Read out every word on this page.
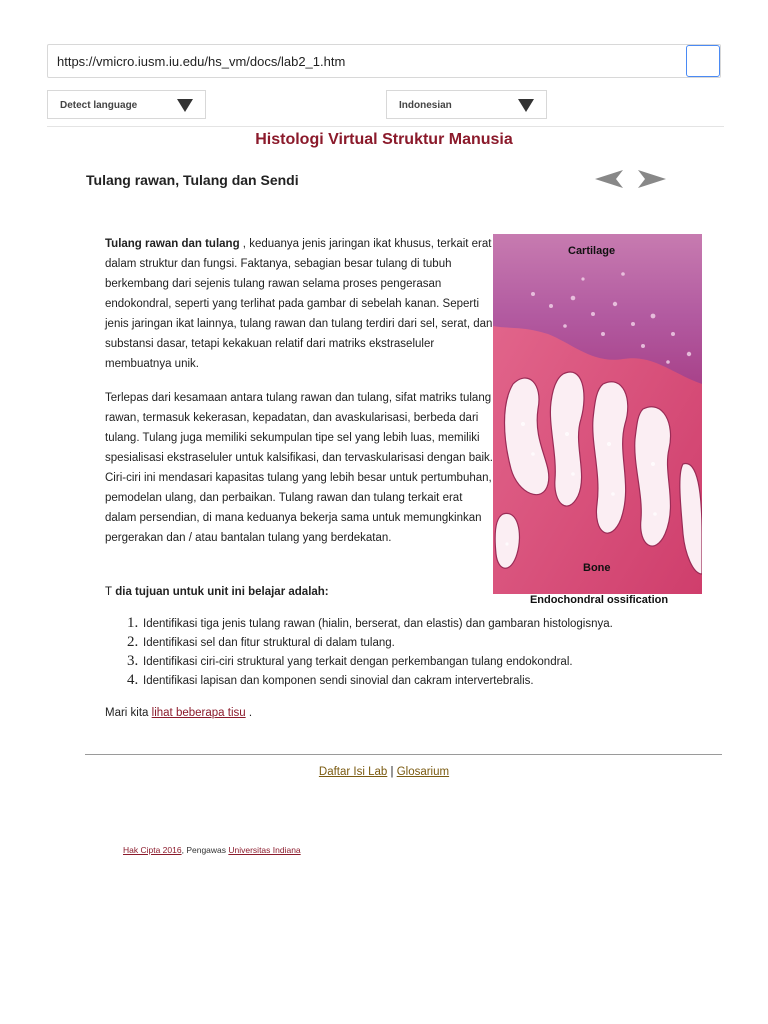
https://vmicro.iusm.iu.edu/hs_vm/docs/lab2_1.htm
Detect language	Indonesian
Histologi Virtual Struktur Manusia
Tulang rawan, Tulang dan Sendi

Tulang rawan dan tulang , keduanya jenis jaringan ikat khusus, terkait erat dalam struktur dan fungsi. Faktanya, sebagian besar tulang di tubuh berkembang dari sejenis tulang rawan selama proses pengerasan endokondral, seperti yang terlihat pada gambar di sebelah kanan. Seperti jenis jaringan ikat lainnya, tulang rawan dan tulang terdiri dari sel, serat, dan substansi dasar, tetapi kekakuan relatif dari matriks ekstraseluler membuatnya unik.

Terlepas dari kesamaan antara tulang rawan dan tulang, sifat matriks tulang rawan, termasuk kekerasan, kepadatan, dan avaskularisasi, berbeda dari tulang. Tulang juga memiliki sekumpulan tipe sel yang lebih luas, memiliki spesialisasi ekstraseluler untuk kalsifikasi, dan tervaskularisasi dengan baik. Ciri-ciri ini mendasari kapasitas tulang yang lebih besar untuk pertumbuhan, pemodelan ulang, dan perbaikan. Tulang rawan dan tulang terkait erat dalam persendian, di mana keduanya bekerja sama untuk memungkinkan pergerakan dan / atau bantalan tulang yang berdekatan.

Cartilage
Bone
Endochondral ossification
T dia tujuan untuk unit ini belajar adalah:
1. Identifikasi tiga jenis tulang rawan (hialin, berserat, dan elastis) dan gambaran histologisnya.
2. Identifikasi sel dan fitur struktural di dalam tulang.
3. Identifikasi ciri-ciri struktural yang terkait dengan perkembangan tulang endokondral.
4. Identifikasi lapisan dan komponen sendi sinovial dan cakram intervertebralis.
Mari kita lihat beberapa tisu .
Daftar Isi Lab | Glosarium
Hak Cipta 2016, Pengawas Universitas Indiana
